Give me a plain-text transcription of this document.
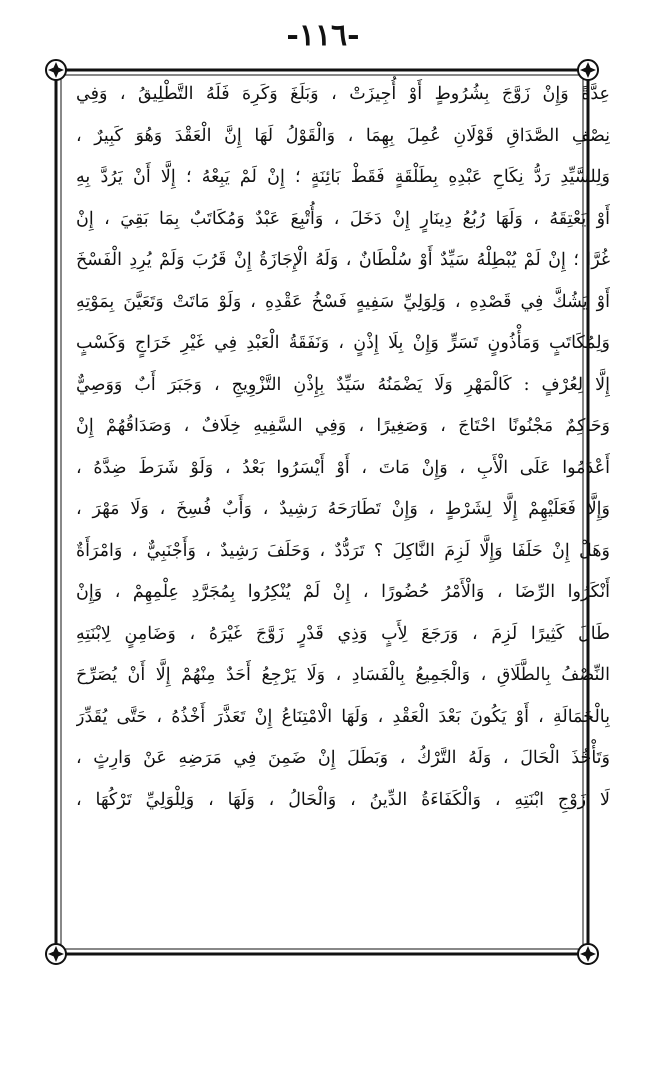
-١١٦-
عِدَّةً وَإِنْ زَوَّجَ بِشُرُوطٍ أَوْ أُجِيزَتْ ، وَبَلَغَ وَكَرِهَ فَلَهُ التَّطْلِيقُ ، وَفِي
نِصْفِ الصَّدَاقِ قَوْلَانِ عُمِلَ بِهِمَا ، وَالْقَوْلُ لَهَا إِنَّ الْعَقْدَ وَهُوَ كَبِيرٌ ،
وَلِلسَّيِّدِ رَدُّ نِكَاحِ عَبْدِهِ بِطَلْقَةٍ فَقَطْ بَائِنَةٍ ؛ إِنْ لَمْ يَبِعْهُ ؛ إِلَّا أَنْ يَرُدَّ بِهِ
أَوْ يَعْتِقَهُ ، وَلَهَا رُبُعُ دِينَارٍ إِنْ دَخَلَ ، وَأُتْبِعَ عَبْدٌ وَمُكَاتَبٌ بِمَا بَقِيَ ، إِنْ
غُرَّا ؛ إِنْ لَمْ يُبْطِلْهُ سَيِّدٌ أَوْ سُلْطَانٌ ، وَلَهُ الْإِجَازَةُ إِنْ قَرُبَ وَلَمْ يُرِدِ الْفَسْخَ
أَوْ يَشُكَّ فِي قَصْدِهِ ، وَلِوَلِيِّ سَفِيهٍ فَسْخُ عَقْدِهِ ، وَلَوْ مَاتَتْ وَتَعَيَّنَ بِمَوْتِهِ
وَلِمُكَاتَبٍ وَمَأْذُونٍ تَسَرٍّ وَإِنْ بِلَا إِذْنٍ ، وَنَفَقَةُ الْعَبْدِ فِي غَيْرِ خَرَاجٍ وَكَسْبٍ
إِلَّا لِعُرْفٍ : كَالْمَهْرِ وَلَا يَضْمَنُهُ سَيِّدٌ بِإِذْنِ التَّزْوِيجِ ، وَجَبَرَ أَبٌ وَوَصِيٌّ
وَحَاكِمٌ مَجْنُونًا احْتَاجَ ، وَصَغِيرًا ، وَفِي السَّفِيهِ خِلَافٌ ، وَصَدَاقُهُمْ إِنْ
أَعْدَمُوا عَلَى الْأَبِ ، وَإِنْ مَاتَ ، أَوْ أَيْسَرُوا بَعْدُ ، وَلَوْ شَرَطَ ضِدَّهُ ،
وَإِلَّا فَعَلَيْهِمْ إِلَّا لِشَرْطٍ ، وَإِنْ تَطَارَحَهُ رَشِيدٌ ، وَأَبٌ فُسِخَ ، وَلَا مَهْرَ ،
وَهَلْ إِنْ حَلَفَا وَإِلَّا لَزِمَ النَّاكِلَ ؟ تَرَدُّدٌ ، وَحَلَفَ رَشِيدٌ ، وَأَجْنَبِيٌّ ، وَامْرَأَةٌ
أَنْكَرُوا الرِّضَا ، وَالْأَمْرُ حُضُورًا ، إِنْ لَمْ يُنْكِرُوا بِمُجَرَّدِ عِلْمِهِمْ ، وَإِنْ
طَالَ كَثِيرًا لَزِمَ ، وَرَجَعَ لِأَبٍ وَذِي قَدْرٍ زَوَّجَ غَيْرَهُ ، وَضَامِنٍ لِابْنَتِهِ
النِّصْفُ بِالطَّلَاقِ ، وَالْجَمِيعُ بِالْفَسَادِ ، وَلَا يَرْجِعُ أَحَدٌ مِنْهُمْ إِلَّا أَنْ يُصَرِّحَ
بِالْحَمَالَةِ ، أَوْ يَكُونَ بَعْدَ الْعَقْدِ ، وَلَهَا الْامْتِنَاعُ إِنْ تَعَذَّرَ أَخْذُهُ ، حَتَّى يُقَدِّرَ
وَتَأْخُذَ الْحَالَ ، وَلَهُ التَّرْكُ ، وَبَطَلَ إِنْ ضَمِنَ فِي مَرَضِهِ عَنْ وَارِثٍ ،
لَا زَوْجِ ابْنَتِهِ ، وَالْكَفَاءَةُ الدِّينُ ، وَالْحَالُ ، وَلَهَا ، وَلِلْوَلِيِّ تَرْكُهَا ،
